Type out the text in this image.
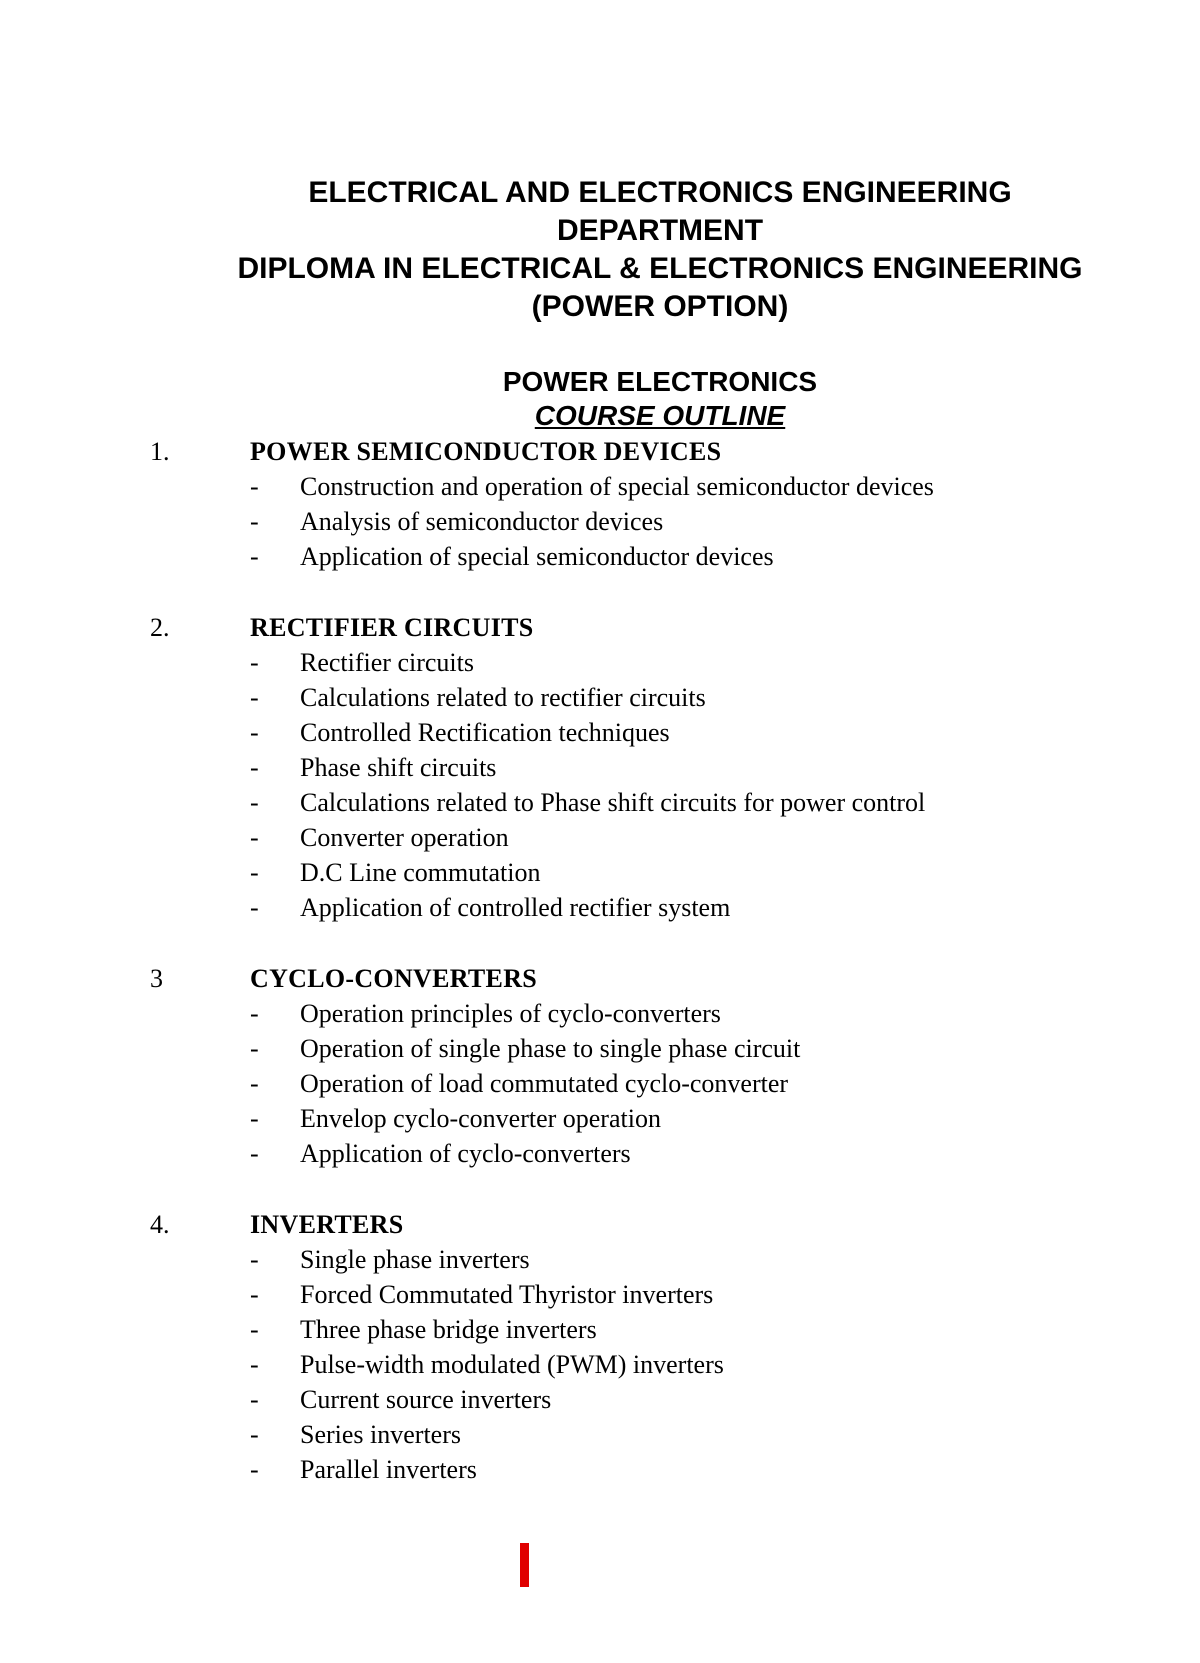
ELECTRICAL AND ELECTRONICS ENGINEERING
DEPARTMENT
DIPLOMA IN ELECTRICAL & ELECTRONICS ENGINEERING
(POWER OPTION)
POWER ELECTRONICS
COURSE OUTLINE
1.	POWER SEMICONDUCTOR DEVICES
-	Construction and operation of special semiconductor devices
-	Analysis of semiconductor devices
-	Application of special semiconductor devices
2.	RECTIFIER CIRCUITS
-	Rectifier circuits
-	Calculations related to rectifier circuits
-	Controlled Rectification techniques
-	Phase shift circuits
-	Calculations related to Phase shift circuits for power control
-	Converter operation
-	D.C Line commutation
-	Application of controlled rectifier system
3	CYCLO-CONVERTERS
-	Operation principles of cyclo-converters
-	Operation of single phase to single phase circuit
-	Operation of load commutated cyclo-converter
-	Envelop cyclo-converter operation
-	Application of cyclo-converters
4.	INVERTERS
-	Single phase inverters
-	Forced Commutated Thyristor inverters
-	Three phase bridge inverters
-	Pulse-width modulated (PWM) inverters
-	Current source inverters
-	Series inverters
-	Parallel inverters
